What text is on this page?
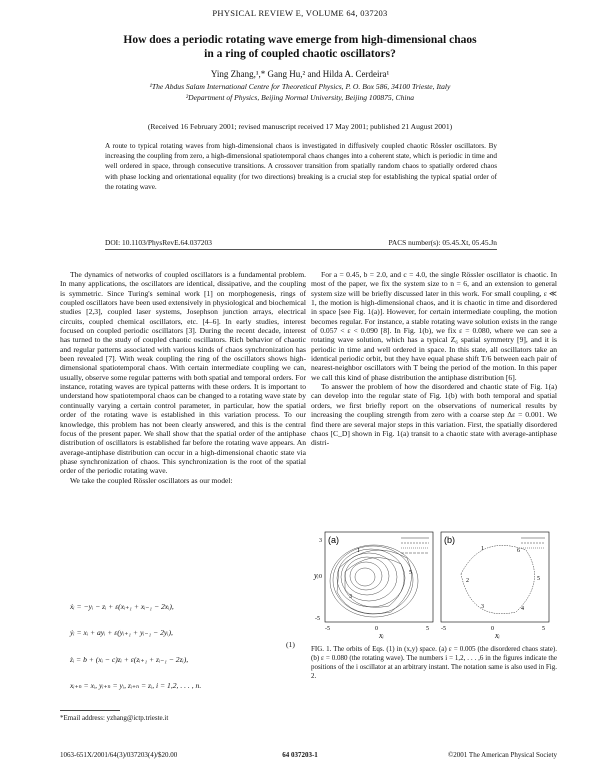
PHYSICAL REVIEW E, VOLUME 64, 037203
How does a periodic rotating wave emerge from high-dimensional chaos
in a ring of coupled chaotic oscillators?
Ying Zhang,¹,* Gang Hu,² and Hilda A. Cerdeira¹
¹The Abdus Salam International Centre for Theoretical Physics, P. O. Box 586, 34100 Trieste, Italy
²Department of Physics, Beijing Normal University, Beijing 100875, China
(Received 16 February 2001; revised manuscript received 17 May 2001; published 21 August 2001)
A route to typical rotating waves from high-dimensional chaos is investigated in diffusively coupled chaotic Rössler oscillators. By increasing the coupling from zero, a high-dimensional spatiotemporal chaos changes into a coherent state, which is periodic in time and well ordered in space, through consecutive transitions. A crossover transition from spatially random chaos to spatially ordered chaos with phase locking and orientational equality (for two directions) breaking is a crucial step for establishing the typical spatial order of the rotating wave.
DOI: 10.1103/PhysRevE.64.037203	PACS number(s): 05.45.Xt, 05.45.Jn

The dynamics of networks of coupled oscillators is a fundamental problem. In many applications, the oscillators are identical, dissipative, and the coupling is symmetric. Since Turing's seminal work [1] on morphogenesis, rings of coupled oscillators have been used extensively in physiological and biochemical studies [2,3], coupled laser systems, Josephson junction arrays, electrical circuits, coupled chemical oscillators, etc. [4–6]. In early studies, interest focused on coupled periodic oscillators [3]. During the recent decade, interest has turned to the study of coupled chaotic oscillators. Rich behavior of chaotic and regular patterns associated with various kinds of chaos synchronization has been revealed [7]. With weak coupling the ring of the oscillators shows high-dimensional spatiotemporal chaos. With certain intermediate coupling we can, usually, observe some regular patterns with both spatial and temporal orders. For instance, rotating waves are typical patterns with these orders. It is important to understand how spatiotemporal chaos can be changed to a rotating wave state by continually varying a certain control parameter, in particular, how the spatial order of the rotating wave is established in this variation process. To our knowledge, this problem has not been clearly answered, and this is the central focus of the present paper. We shall show that the spatial order of the antiphase distribution of oscillators is established far before the rotating wave appears. An average-antiphase distribution can occur in a high-dimensional chaotic state via phase synchronization of chaos. This synchronization is the root of the spatial order of the periodic rotating wave.

We take the coupled Rössler oscillators as our model:

ẋᵢ = −yᵢ − zᵢ + ε(xᵢ₊₁ + xᵢ₋₁ − 2xᵢ),
ẏᵢ = xᵢ + ayᵢ + ε(yᵢ₊₁ + yᵢ₋₁ − 2yᵢ),
(1)
żᵢ = b + (xᵢ − c)zᵢ + ε(zᵢ₊₁ + zᵢ₋₁ − 2zᵢ),
xᵢ₊ₙ = xᵢ, yᵢ₊ₙ = yᵢ, zᵢ₊ₙ = zᵢ, i = 1,2, . . . , n.
*Email address: yzhang@ictp.trieste.it

For a = 0.45, b = 2.0, and c = 4.0, the single Rössler oscillator is chaotic. In most of the paper, we fix the system size to n = 6, and an extension to general system size will be briefly discussed later in this work. For small coupling, ε ≪ 1, the motion is high-dimensional chaos, and it is chaotic in time and disordered in space [see Fig. 1(a)]. However, for certain intermediate coupling, the motion becomes regular. For instance, a stable rotating wave solution exists in the range of 0.057 < ε < 0.090 [8]. In Fig. 1(b), we fix ε = 0.080, where we can see a rotating wave solution, which has a typical Z₆ spatial symmetry [9], and it is periodic in time and well ordered in space. In this state, all oscillators take an identical periodic orbit, but they have equal phase shift T/6 between each pair of nearest-neighbor oscillators with T being the period of the motion. In this paper we call this kind of phase distribution the antiphase distribution [6].

To answer the problem of how the disordered and chaotic state of Fig. 1(a) can develop into the regular state of Fig. 1(b) with both temporal and spatial orders, we first briefly report on the observations of numerical results by increasing the coupling strength from zero with a coarse step Δε = 0.001. We find there are several major steps in this variation. First, the spatially disordered chaos [C_D] shown in Fig. 1(a) transit to a chaotic state with average-antiphase distri-

(a)
yᵢ
3
0
-5
-5	0	5
xᵢ
3
5
1
(b)
-5	0	5
xᵢ
1
2
3	4
5
6
FIG. 1. The orbits of Eqs. (1) in (x,y) space. (a) ε = 0.005 (the disordered chaos state). (b) ε = 0.080 (the rotating wave). The numbers i = 1,2, . . . ,6 in the figures indicate the positions of the i oscillator at an arbitrary instant. The notation same is also used in Fig. 2.
1063-651X/2001/64(3)/037203(4)/$20.00	64 037203-1	©2001 The American Physical Society
